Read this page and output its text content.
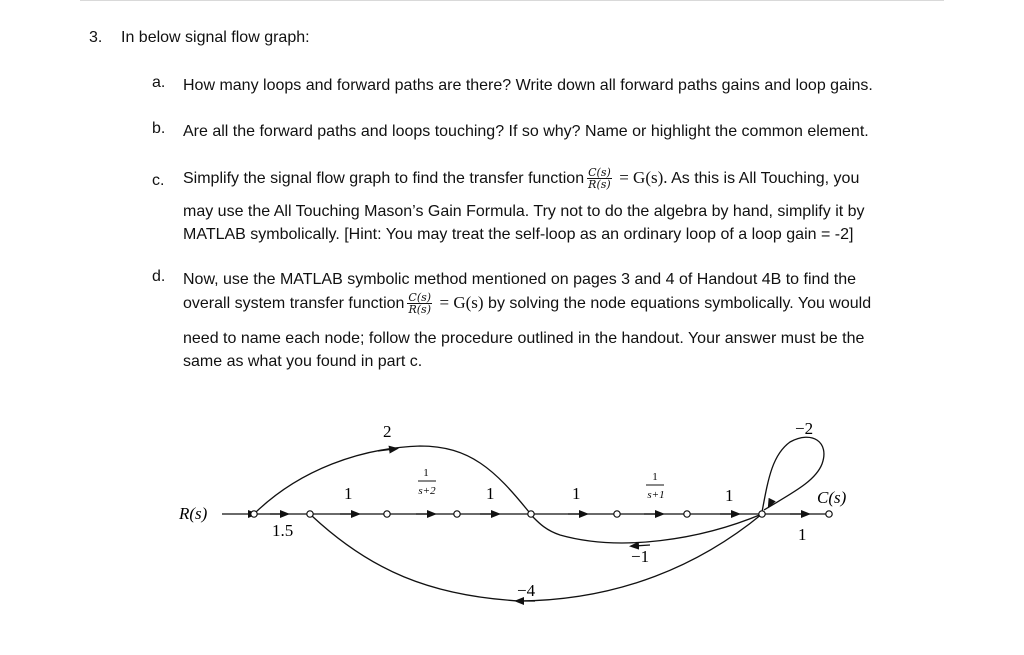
3. In below signal flow graph:
a. How many loops and forward paths are there? Write down all forward paths gains and loop gains.
b. Are all the forward paths and loops touching? If so why? Name or highlight the common element.
c. Simplify the signal flow graph to find the transfer function $\frac{C(s)}{R(s)} = G(s)$. As this is All Touching, you
may use the All Touching Mason’s Gain Formula. Try not to do the algebra by hand, simplify it by
MATLAB symbolically. [Hint: You may treat the self-loop as an ordinary loop of a loop gain = -2]
d. Now, use the MATLAB symbolic method mentioned on pages 3 and 4 of Handout 4B to find the
overall system transfer function $\frac{C(s)}{R(s)} = G(s)$ by solving the node equations symbolically. You would
need to name each node; follow the procedure outlined in the handout. Your answer must be the
same as what you found in part c.
R(s)
1.5
2
1
1
s+2	1	1
1
s+1	1
−2
C(s)
1
−1
−4
